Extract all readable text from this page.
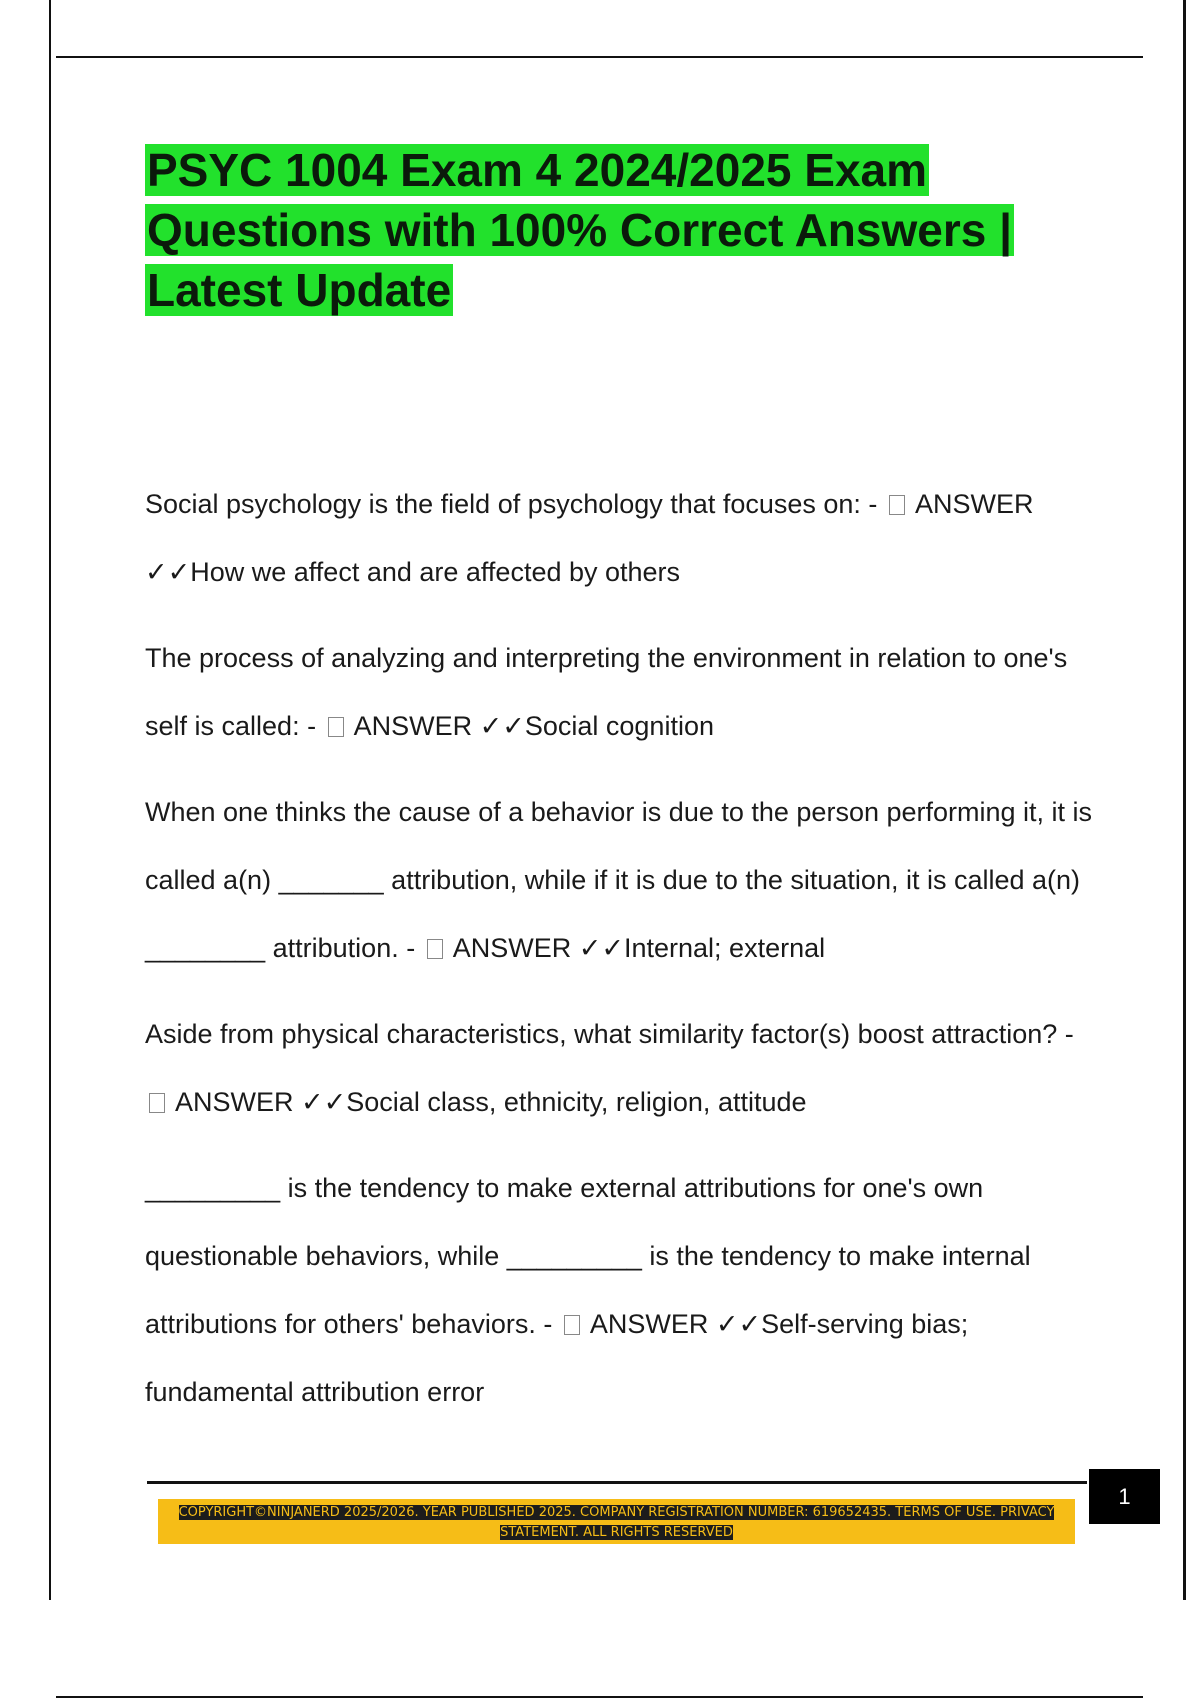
PSYC 1004 Exam 4 2024/2025 Exam Questions with 100% Correct Answers | Latest Update

Social psychology is the field of psychology that focuses on: - ANSWER ✓✓How we affect and are affected by others

The process of analyzing and interpreting the environment in relation to one's self is called: - ANSWER ✓✓Social cognition

When one thinks the cause of a behavior is due to the person performing it, it is called a(n) _______ attribution, while if it is due to the situation, it is called a(n) ________ attribution. - ANSWER ✓✓Internal; external

Aside from physical characteristics, what similarity factor(s) boost attraction? -  ANSWER ✓✓Social class, ethnicity, religion, attitude

_________ is the tendency to make external attributions for one's own questionable behaviors, while _________ is the tendency to make internal attributions for others' behaviors. - ANSWER ✓✓Self-serving bias; fundamental attribution error

1
COPYRIGHT©NINJANERD 2025/2026. YEAR PUBLISHED 2025. COMPANY REGISTRATION NUMBER: 619652435. TERMS OF USE. PRIVACY STATEMENT. ALL RIGHTS RESERVED
